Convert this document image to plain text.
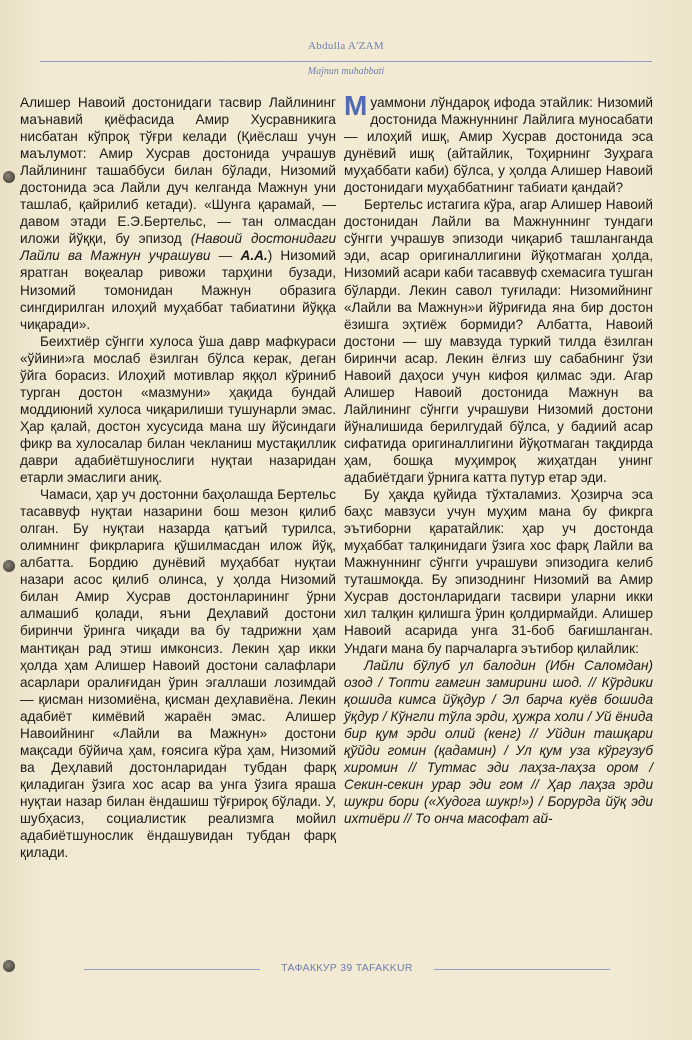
Abdulla A'ZAM
Majnun muhabbati

Алишер Навоий достонидаги тасвир Лайлининг маънавий қиёфасида Амир Хусравникига нисбатан кўпроқ тўғри келади (Қиёслаш учун маълумот: Амир Хусрав достонида учрашув Лайлининг ташаббуси билан бўлади, Низомий достонида эса Лайли дуч келганда Мажнун уни ташлаб, қайрилиб кетади). «Шунга қарамай, — давом этади Е.Э.Бертельс, — тан олмасдан иложи йўққи, бу эпизод (Навоий достонидаги Лайли ва Мажнун учрашуви — А.А.) Низомий яратган воқеалар ривожи тарҳини бузади, Низомий томонидан Мажнун образига сингдирилган илоҳий муҳаббат табиатини йўққа чиқаради».

Беихтиёр сўнгги хулоса ўша давр мафкураси «ўйини»га мослаб ёзилган бўлса керак, деган ўйга борасиз. Илоҳий мотивлар яққол кўриниб турган достон «мазмуни» ҳақида бундай моддиюний хулоса чиқарилиши тушунарли эмас. Ҳар қалай, достон хусусида мана шу йўсиндаги фикр ва хулосалар билан чекланиш мустақиллик даври адабиётшунослиги нуқтаи назаридан етарли эмаслиги аниқ.

Чамаси, ҳар уч достонни баҳолашда Бертельс тасаввуф нуқтаи назарини бош мезон қилиб олган. Бу нуқтаи назарда қатъий турилса, олимнинг фикрларига қўшилмасдан илож йўқ, албатта. Бордию дунёвий муҳаббат нуқтаи назари асос қилиб олинса, у ҳолда Низомий билан Амир Хусрав достонларининг ўрни алмашиб қолади, яъни Деҳлавий достони биринчи ўринга чиқади ва бу тадрижни ҳам мантиқан рад этиш имконсиз. Лекин ҳар икки ҳолда ҳам Алишер Навоий достони салафлари асарлари оралиғидан ўрин эгаллаши лозимдай — қисман низомиёна, қисман деҳлавиёна. Лекин адабиёт кимёвий жараён эмас. Алишер Навоийнинг «Лайли ва Мажнун» достони мақсади бўйича ҳам, ғоясига кўра ҳам, Низомий ва Деҳлавий достонларидан тубдан фарқ қиладиган ўзига хос асар ва унга ўзига яраша нуқтаи назар билан ёндашиш тўғрироқ бўлади. У, шубҳасиз, социалистик реализмга мойил адабиётшунослик ёндашувидан тубдан фарқ қилади.

Муаммони лўндароқ ифода этайлик: Низомий достонида Мажнуннинг Лайлига муносабати — илоҳий ишқ, Амир Хусрав достонида эса дунёвий ишқ (айтайлик, Тоҳирнинг Зуҳрага муҳаббати каби) бўлса, у ҳолда Алишер Навоий достонидаги муҳаббатнинг табиати қандай?

Бертельс истагига кўра, агар Алишер Навоий достонидан Лайли ва Мажнуннинг тундаги сўнгги учрашув эпизоди чиқариб ташланганда эди, асар оригиналлигини йўқотмаган ҳолда, Низомий асари каби тасаввуф схемасига тушган бўларди. Лекин савол туғилади: Низомийнинг «Лайли ва Мажнун»и йўриғида яна бир достон ёзишга эҳтиёж бормиди? Албатта, Навоий достони — шу мавзуда туркий тилда ёзилган биринчи асар. Лекин ёлғиз шу сабабнинг ўзи Навоий даҳоси учун кифоя қилмас эди. Агар Алишер Навоий достонида Мажнун ва Лайлининг сўнгги учрашуви Низомий достони йўналишида берилгудай бўлса, у бадиий асар сифатида оригиналлигини йўқотмаган тақдирда ҳам, бошқа муҳимроқ жиҳатдан унинг адабиётдаги ўрнига катта путур етар эди.

Бу ҳақда қуйида тўхталамиз. Ҳозирча эса баҳс мавзуси учун муҳим мана бу фикрга эътиборни қаратайлик: ҳар уч достонда муҳаббат талқинидаги ўзига хос фарқ Лайли ва Мажнуннинг сўнгги учрашуви эпизодига келиб туташмоқда. Бу эпизоднинг Низомий ва Амир Хусрав достонларидаги тасвири уларни икки хил талқин қилишга ўрин қолдирмайди. Алишер Навоий асарида унга 31-боб бағишланган. Ундаги мана бу парчаларга эътибор қилайлик:

Лайли бўлуб ул балодин (Ибн Саломдан) озод / Топти гамгин замирини шод. // Кўрдики қошида кимса йўқдур / Эл барча куёв бошида ўқдур / Кўнгли тўла эрди, ҳужра холи / Уй ёнида бир қум эрди олий (кенг) // Уйдин ташқари қўйди гомин (қадамин) / Ул қум уза кўргузуб хиромин // Тутмас эди лаҳза-лаҳза ором / Секин-секин урар эди гом // Ҳар лаҳза эрди шукри бори («Худога шукр!») / Борурда йўқ эди ихтиёри // То онча масофат ай-

ТАФАККУР 39 TAFAKKUR
